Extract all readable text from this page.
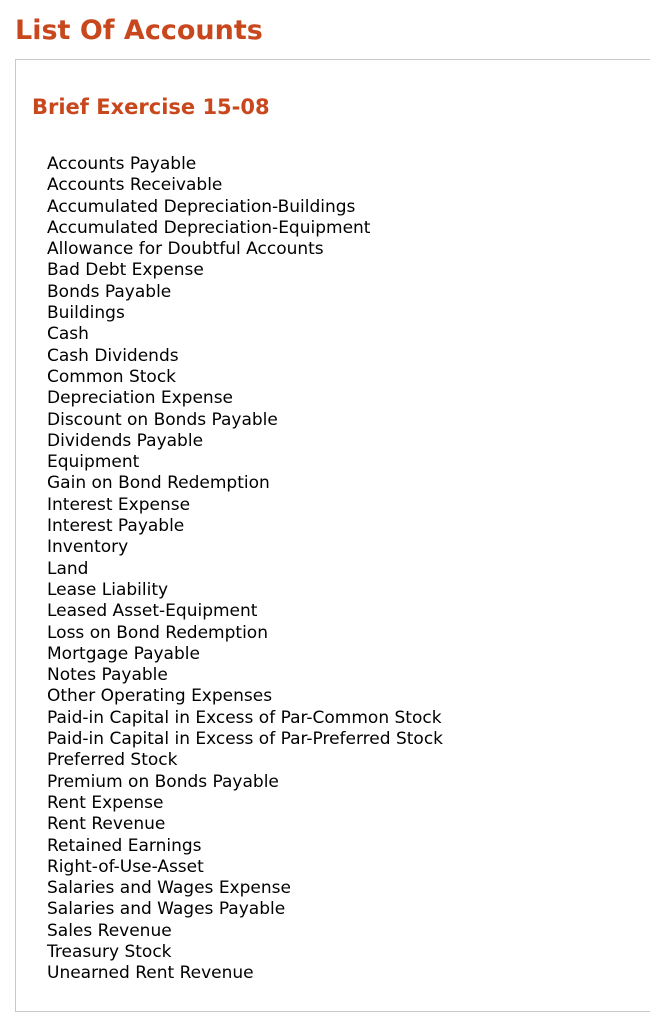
List Of Accounts
Brief Exercise 15-08
Accounts Payable
Accounts Receivable
Accumulated Depreciation-Buildings
Accumulated Depreciation-Equipment
Allowance for Doubtful Accounts
Bad Debt Expense
Bonds Payable
Buildings
Cash
Cash Dividends
Common Stock
Depreciation Expense
Discount on Bonds Payable
Dividends Payable
Equipment
Gain on Bond Redemption
Interest Expense
Interest Payable
Inventory
Land
Lease Liability
Leased Asset-Equipment
Loss on Bond Redemption
Mortgage Payable
Notes Payable
Other Operating Expenses
Paid-in Capital in Excess of Par-Common Stock
Paid-in Capital in Excess of Par-Preferred Stock
Preferred Stock
Premium on Bonds Payable
Rent Expense
Rent Revenue
Retained Earnings
Right-of-Use-Asset
Salaries and Wages Expense
Salaries and Wages Payable
Sales Revenue
Treasury Stock
Unearned Rent Revenue
